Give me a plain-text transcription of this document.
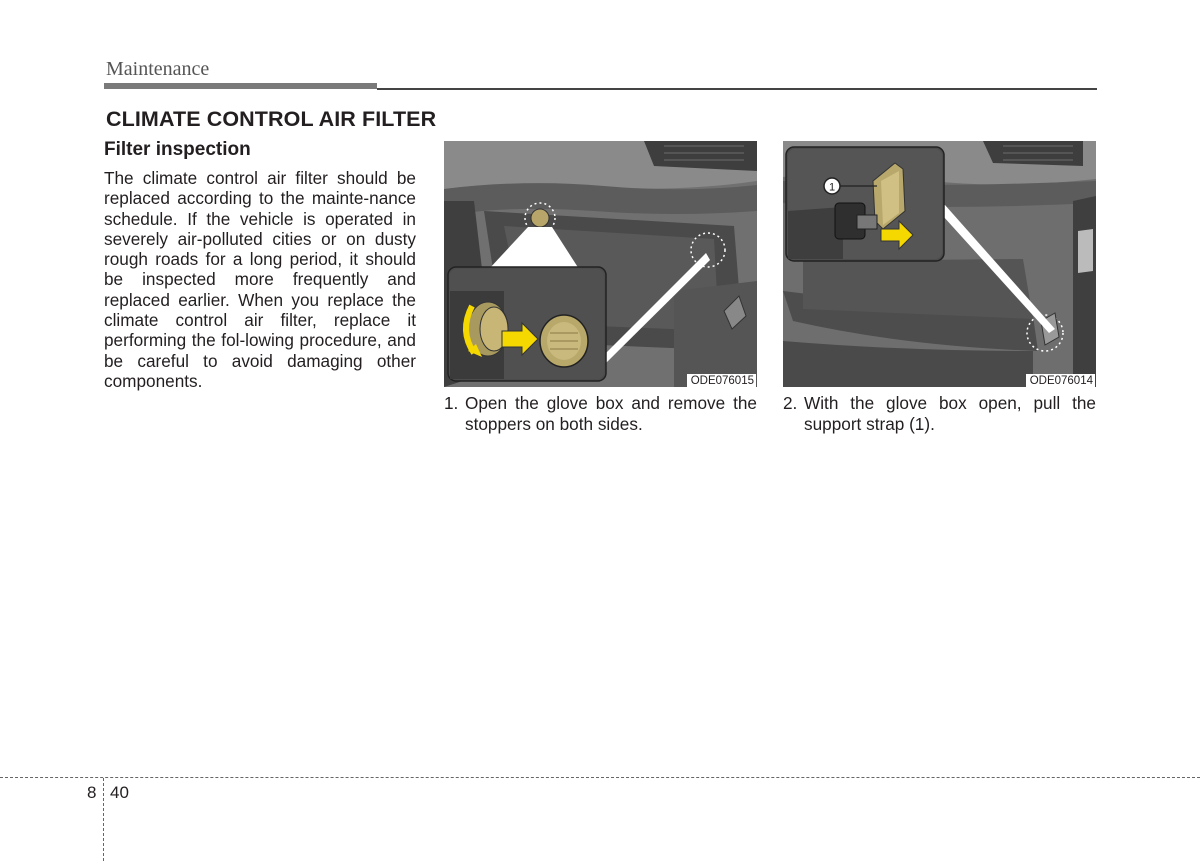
Maintenance
CLIMATE CONTROL AIR FILTER
Filter inspection

The climate control air filter should be replaced according to the mainte-nance schedule. If the vehicle is operated in severely air-polluted cities or on dusty rough roads for a long period, it should be inspected more frequently and replaced earlier. When you replace the climate control air filter, replace it performing the fol-lowing procedure, and be careful to avoid damaging other components.	ODE076015
1
ODE076014

1. Open the glove box and remove the stoppers on both sides.

2. With the glove box open, pull the support strap (1).

8 40
